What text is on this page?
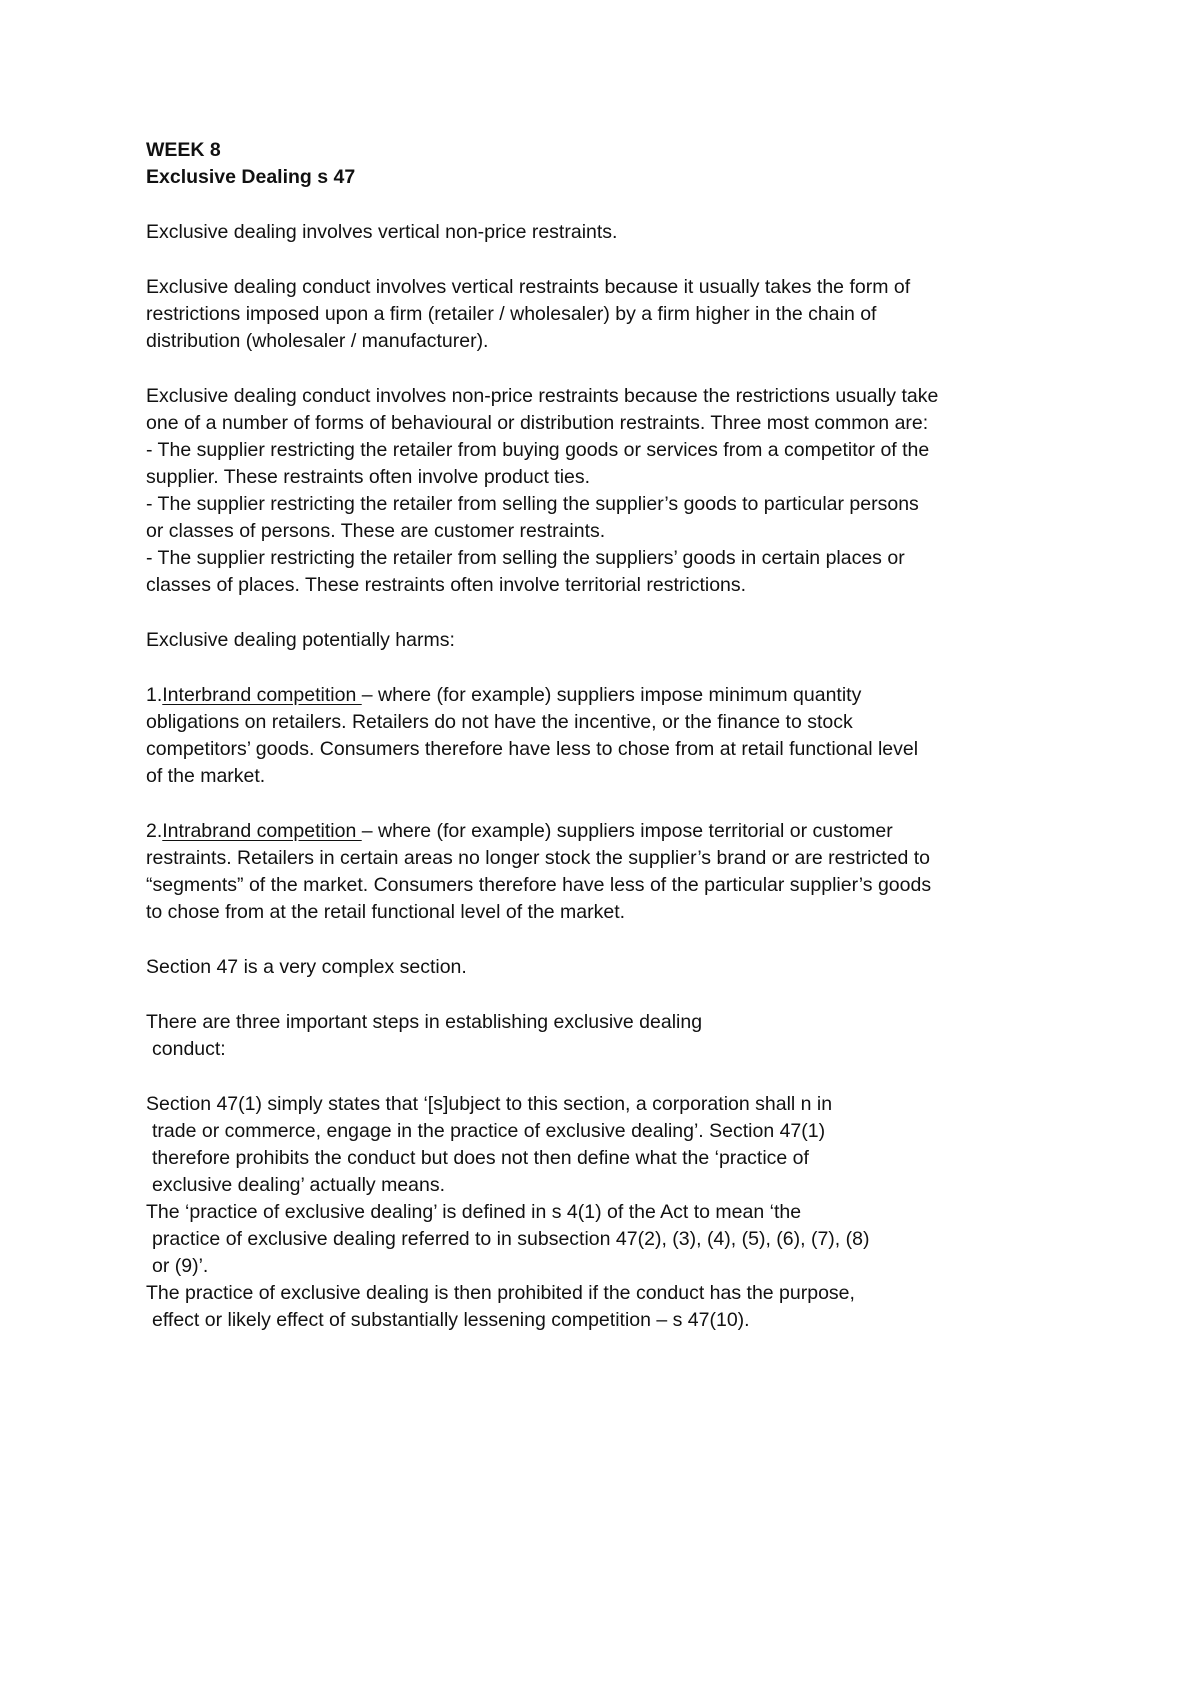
WEEK 8
Exclusive Dealing s 47
Exclusive dealing involves vertical non-price restraints.
Exclusive dealing conduct involves vertical restraints because it usually takes the form of
restrictions imposed upon a firm (retailer / wholesaler) by a firm higher in the chain of
distribution (wholesaler / manufacturer).
Exclusive dealing conduct involves non-price restraints because the restrictions usually take
one of a number of forms of behavioural or distribution restraints. Three most common are:
- The supplier restricting the retailer from buying goods or services from a competitor of the
supplier. These restraints often involve product ties.
- The supplier restricting the retailer from selling the supplier’s goods to particular persons
or classes of persons. These are customer restraints.
- The supplier restricting the retailer from selling the suppliers’ goods in certain places or
classes of places. These restraints often involve territorial restrictions.
Exclusive dealing potentially harms:
1.Interbrand competition – where (for example) suppliers impose minimum quantity
obligations on retailers. Retailers do not have the incentive, or the finance to stock
competitors’ goods. Consumers therefore have less to chose from at retail functional level
of the market.
2.Intrabrand competition – where (for example) suppliers impose territorial or customer
restraints. Retailers in certain areas no longer stock the supplier’s brand or are restricted to
“segments” of the market. Consumers therefore have less of the particular supplier’s goods
to chose from at the retail functional level of the market.
Section 47 is a very complex section.
There are three important steps in establishing exclusive dealing
conduct:
Section 47(1) simply states that ‘[s]ubject to this section, a corporation shall n in
trade or commerce, engage in the practice of exclusive dealing’. Section 47(1)
therefore prohibits the conduct but does not then define what the ‘practice of
exclusive dealing’ actually means.
The ‘practice of exclusive dealing’ is defined in s 4(1) of the Act to mean ‘the
practice of exclusive dealing referred to in subsection 47(2), (3), (4), (5), (6), (7), (8)
or (9)’.
The practice of exclusive dealing is then prohibited if the conduct has the purpose,
effect or likely effect of substantially lessening competition – s 47(10).
